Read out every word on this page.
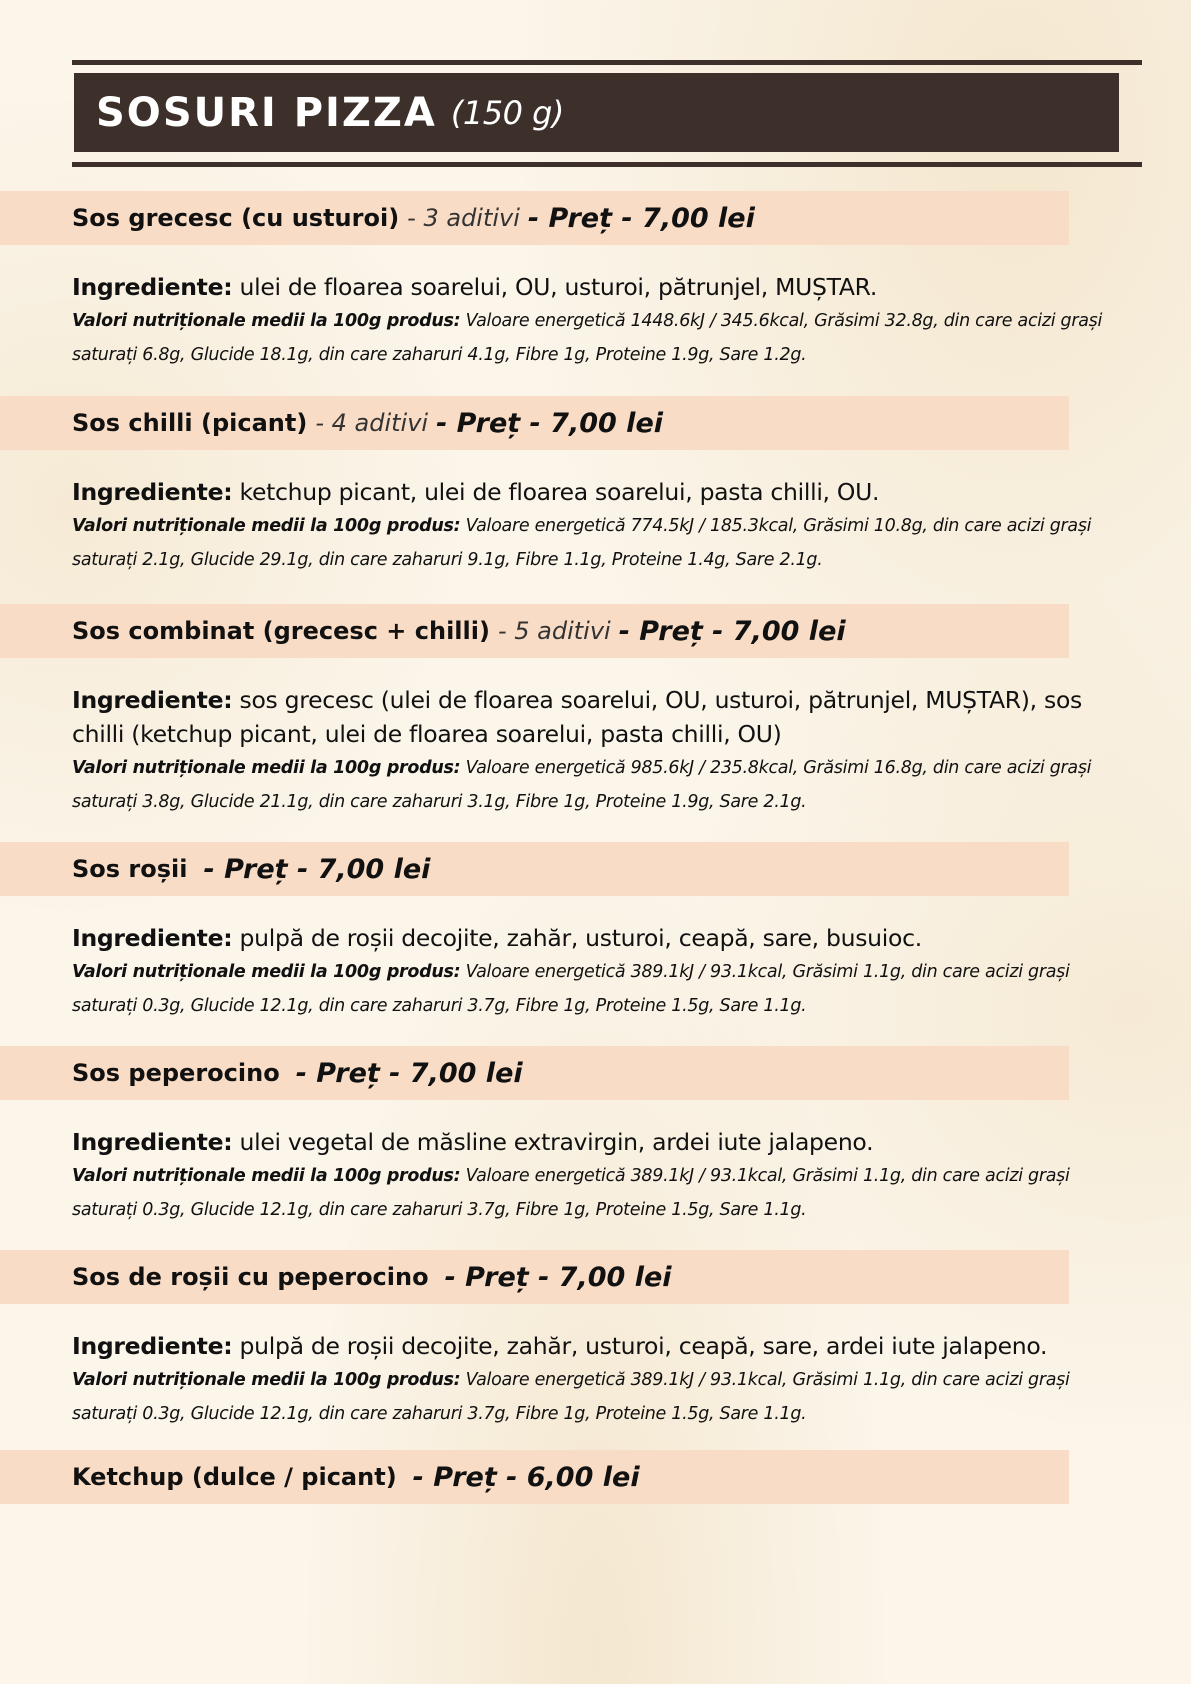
SOSURI PIZZA (150 g)
Sos grecesc (cu usturoi) - 3 aditivi - Preț - 7,00 lei
Ingrediente: ulei de floarea soarelui, OU, usturoi, pătrunjel, MUȘTAR.
Valori nutriționale medii la 100g produs: Valoare energetică 1448.6kJ / 345.6kcal, Grăsimi 32.8g, din care acizi grași saturați 6.8g, Glucide 18.1g, din care zaharuri 4.1g, Fibre 1g, Proteine 1.9g, Sare 1.2g.
Sos chilli (picant) - 4 aditivi - Preț - 7,00 lei
Ingrediente: ketchup picant, ulei de floarea soarelui, pasta chilli, OU.
Valori nutriționale medii la 100g produs: Valoare energetică 774.5kJ / 185.3kcal, Grăsimi 10.8g, din care acizi grași saturați 2.1g, Glucide 29.1g, din care zaharuri 9.1g, Fibre 1.1g, Proteine 1.4g, Sare 2.1g.
Sos combinat (grecesc + chilli) - 5 aditivi - Preț - 7,00 lei
Ingrediente: sos grecesc (ulei de floarea soarelui, OU, usturoi, pătrunjel, MUȘTAR), sos chilli (ketchup picant, ulei de floarea soarelui, pasta chilli, OU)
Valori nutriționale medii la 100g produs: Valoare energetică 985.6kJ / 235.8kcal, Grăsimi 16.8g, din care acizi grași saturați 3.8g, Glucide 21.1g, din care zaharuri 3.1g, Fibre 1g, Proteine 1.9g, Sare 2.1g.
Sos roșii - Preț - 7,00 lei
Ingrediente: pulpă de roșii decojite, zahăr, usturoi, ceapă, sare, busuioc.
Valori nutriționale medii la 100g produs: Valoare energetică 389.1kJ / 93.1kcal, Grăsimi 1.1g, din care acizi grași saturați 0.3g, Glucide 12.1g, din care zaharuri 3.7g, Fibre 1g, Proteine 1.5g, Sare 1.1g.
Sos peperocino - Preț - 7,00 lei
Ingrediente: ulei vegetal de măsline extravirgin, ardei iute jalapeno.
Valori nutriționale medii la 100g produs: Valoare energetică 389.1kJ / 93.1kcal, Grăsimi 1.1g, din care acizi grași saturați 0.3g, Glucide 12.1g, din care zaharuri 3.7g, Fibre 1g, Proteine 1.5g, Sare 1.1g.
Sos de roșii cu peperocino - Preț - 7,00 lei
Ingrediente: pulpă de roșii decojite, zahăr, usturoi, ceapă, sare, ardei iute jalapeno.
Valori nutriționale medii la 100g produs: Valoare energetică 389.1kJ / 93.1kcal, Grăsimi 1.1g, din care acizi grași saturați 0.3g, Glucide 12.1g, din care zaharuri 3.7g, Fibre 1g, Proteine 1.5g, Sare 1.1g.
Ketchup (dulce / picant) - Preț - 6,00 lei
